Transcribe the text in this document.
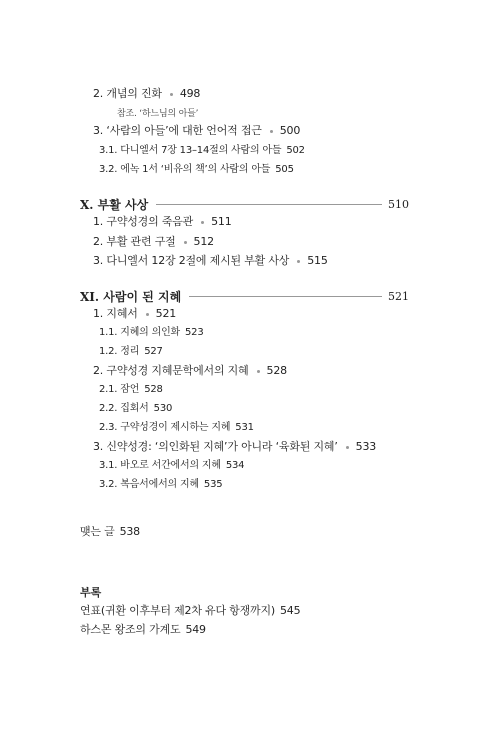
2. 개념의 진화 498
참조. ‘하느님의 아들’
3. ‘사람의 아들’에 대한 언어적 접근 500
3.1. 다니엘서 7장 13–14절의 사람의 아들 502
3.2. 에녹 1서 ‘비유의 책’의 사람의 아들 505
X. 부활 사상	510
1. 구약성경의 죽음관 511
2. 부활 관련 구절 512
3. 다니엘서 12장 2절에 제시된 부활 사상 515
XI. 사람이 된 지혜	521
1. 지혜서 521
1.1. 지혜의 의인화 523
1.2. 정리 527
2. 구약성경 지혜문학에서의 지혜 528
2.1. 잠언 528
2.2. 집회서 530
2.3. 구약성경이 제시하는 지혜 531
3. 신약성경: ‘의인화된 지혜’가 아니라 ‘육화된 지혜’ 533
3.1. 바오로 서간에서의 지혜 534
3.2. 복음서에서의 지혜 535
맺는 글 538
부록
연표(귀환 이후부터 제2차 유다 항쟁까지) 545
하스몬 왕조의 가계도 549
